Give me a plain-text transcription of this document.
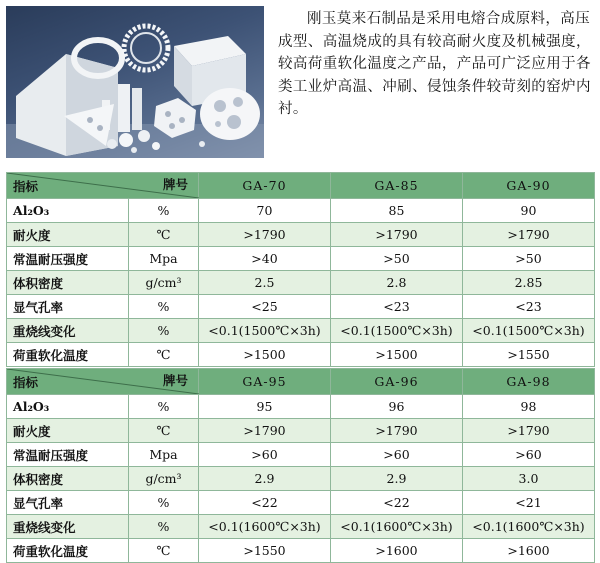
刚玉莫来石制品是采用电熔合成原料，高压成型、高温烧成的具有较高耐火度及机械强度，较高荷重软化温度之产品，产品可广泛应用于各类工业炉高温、冲刷、侵蚀条件较苛刻的窑炉内衬。
指标 牌号		GA-70	GA-85	GA-90
Al₂O₃	%	70	85	90
耐火度	℃	>1790	>1790	>1790
常温耐压强度	Mpa	>40	>50	>50
体积密度	g/cm³	2.5	2.8	2.85
显气孔率	%	<25	<23	<23
重烧线变化	%	<0.1(1500℃×3h)	<0.1(1500℃×3h)	<0.1(1500℃×3h)
荷重软化温度	℃	>1500	>1500	>1550
指标 牌号		GA-95	GA-96	GA-98
Al₂O₃	%	95	96	98
耐火度	℃	>1790	>1790	>1790
常温耐压强度	Mpa	>60	>60	>60
体积密度	g/cm³	2.9	2.9	3.0
显气孔率	%	<22	<22	<21
重烧线变化	%	<0.1(1600℃×3h)	<0.1(1600℃×3h)	<0.1(1600℃×3h)
荷重软化温度	℃	>1550	>1600	>1600
